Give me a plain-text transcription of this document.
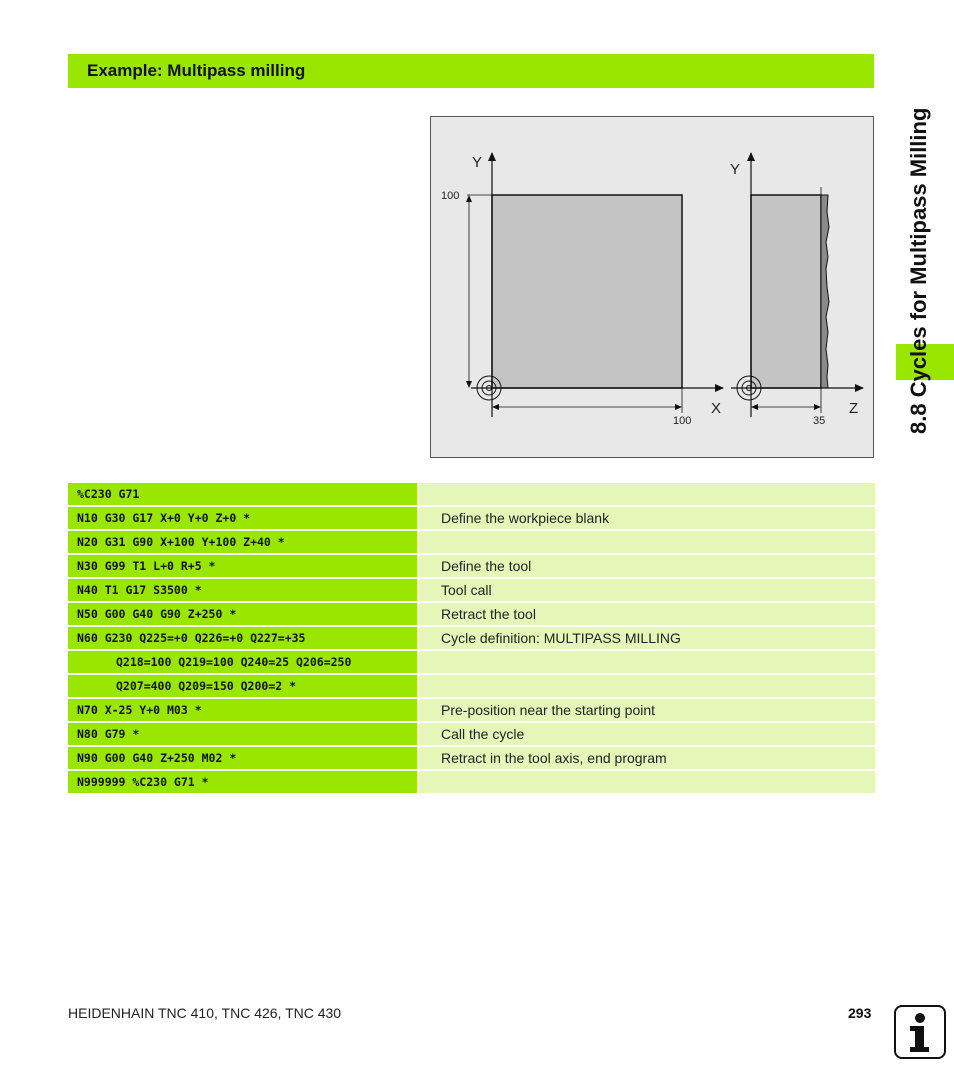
Example: Multipass milling
Y
X
100
100
Y
Z
35
%C230 G71		
N10 G30 G17 X+0 Y+0 Z+0 *		Define the workpiece blank
N20 G31 G90 X+100 Y+100 Z+40 *		
N30 G99 T1 L+0 R+5 *		Define the tool
N40 T1 G17 S3500 *		Tool call
N50 G00 G40 G90 Z+250 *		Retract the tool
N60 G230 Q225=+0 Q226=+0 Q227=+35		Cycle definition: MULTIPASS MILLING
Q218=100 Q219=100 Q240=25 Q206=250		
Q207=400 Q209=150 Q200=2 *		
N70 X-25 Y+0 M03 *		Pre-position near the starting point
N80 G79 *		Call the cycle
N90 G00 G40 Z+250 M02 *		Retract in the tool axis, end program
N999999 %C230 G71 *		
8.8 Cycles for Multipass Milling
HEIDENHAIN TNC 410, TNC 426, TNC 430	293
